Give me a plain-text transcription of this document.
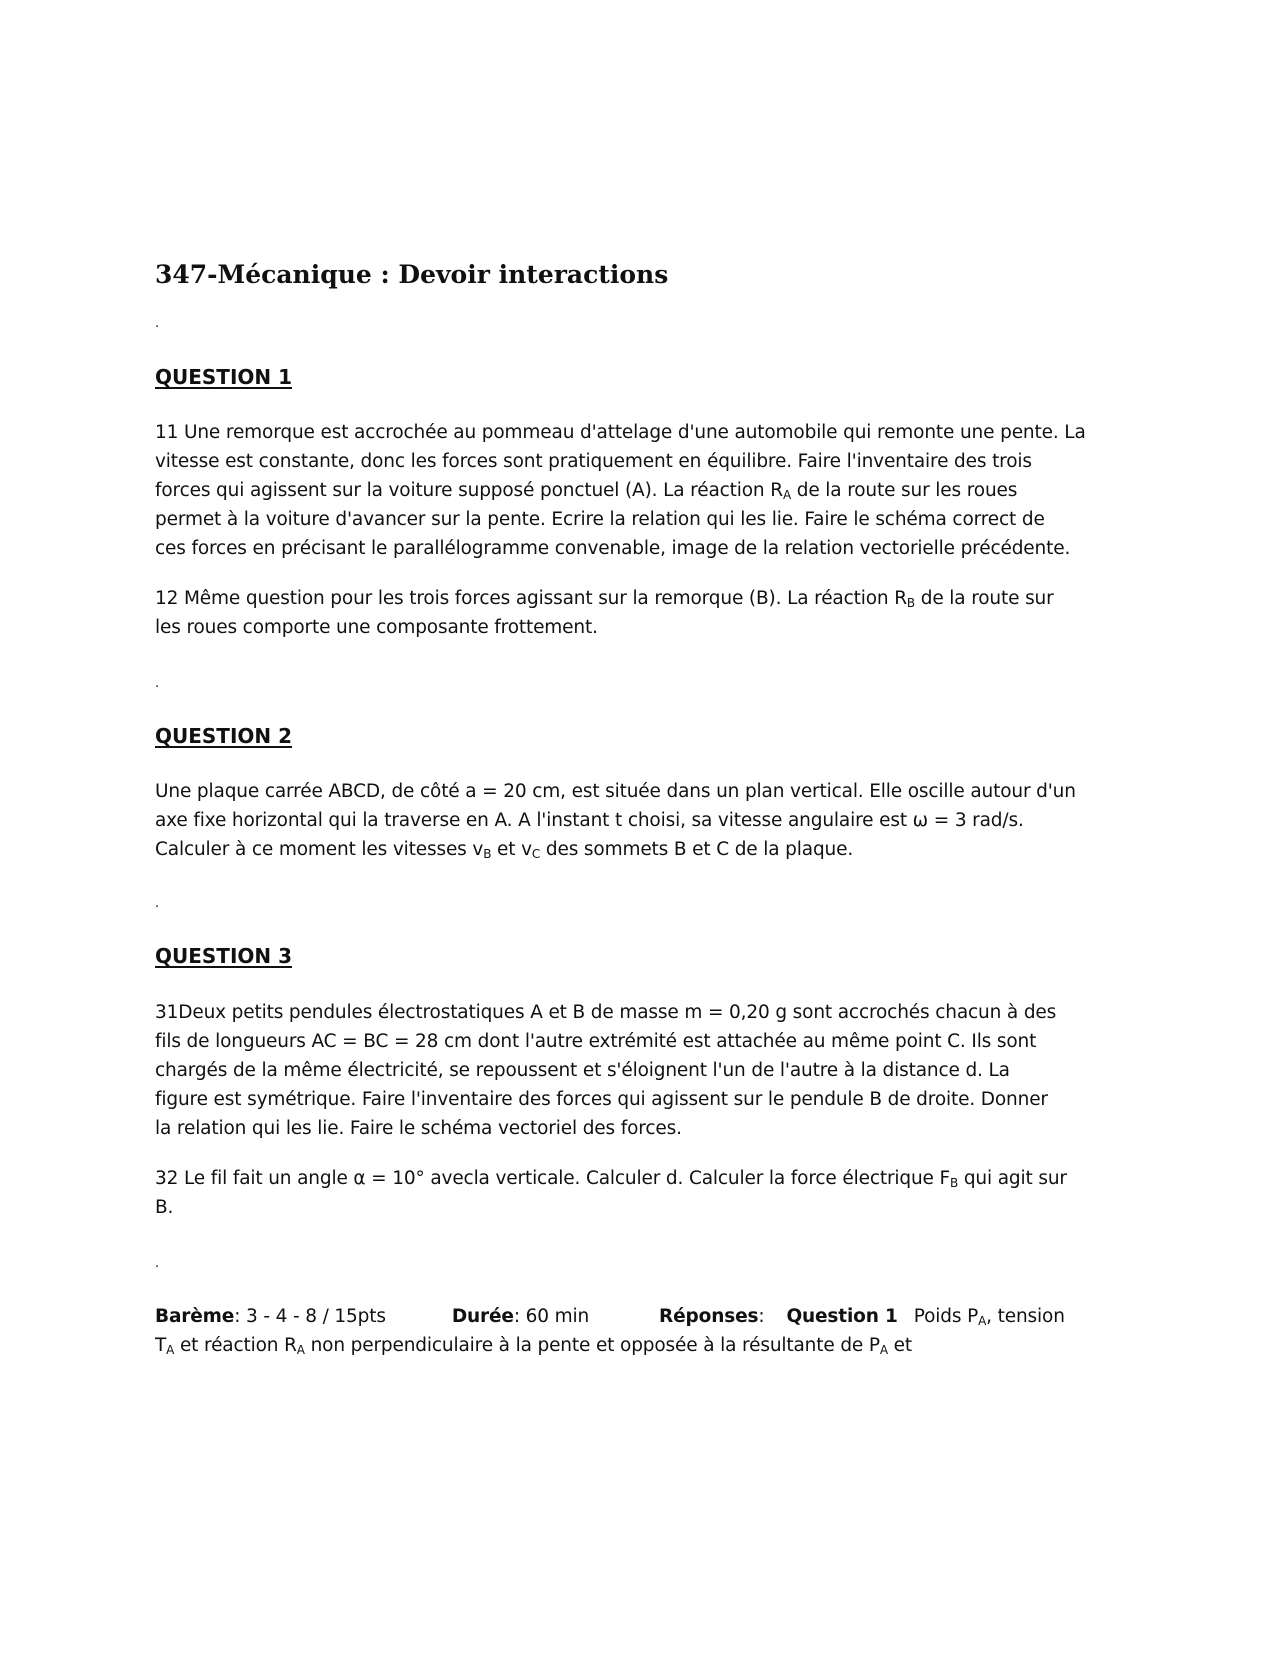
347-Mécanique : Devoir interactions
.
QUESTION 1
11 Une remorque est accrochée au pommeau d'attelage d'une automobile qui remonte une pente. La
vitesse est constante, donc les forces sont pratiquement en équilibre. Faire l'inventaire des trois
forces qui agissent sur la voiture supposé ponctuel (A). La réaction $R_A$ de la route sur les roues
permet à la voiture d'avancer sur la pente. Ecrire la relation qui les lie. Faire le schéma correct de
ces forces en précisant le parallélogramme convenable, image de la relation vectorielle précédente.
12 Même question pour les trois forces agissant sur la remorque (B). La réaction $R_B$ de la route sur
les roues comporte une composante frottement.
.
QUESTION 2
Une plaque carrée ABCD, de côté a = 20 cm, est située dans un plan vertical. Elle oscille autour d'un
axe fixe horizontal qui la traverse en A. A l'instant t choisi, sa vitesse angulaire est ω = 3 rad/s.
Calculer à ce moment les vitesses $v_B$ et $v_C$ des sommets B et C de la plaque.
.
QUESTION 3
31Deux petits pendules électrostatiques A et B de masse m = 0,20 g sont accrochés chacun à des
fils de longueurs AC = BC = 28 cm dont l'autre extrémité est attachée au même point C. Ils sont
chargés de la même électricité, se repoussent et s'éloignent l'un de l'autre à la distance d. La
figure est symétrique. Faire l'inventaire des forces qui agissent sur le pendule B de droite. Donner
la relation qui les lie. Faire le schéma vectoriel des forces.
32 Le fil fait un angle α = 10° avecla verticale. Calculer d. Calculer la force électrique $F_B$ qui agit sur
B.
.
Barème: 3 - 4 - 8 / 15pts	Durée: 60 min	Réponses: Question 1 Poids $P_A$, tension
$T_A$ et réaction $R_A$ non perpendiculaire à la pente et opposée à la résultante de $P_A$ et
